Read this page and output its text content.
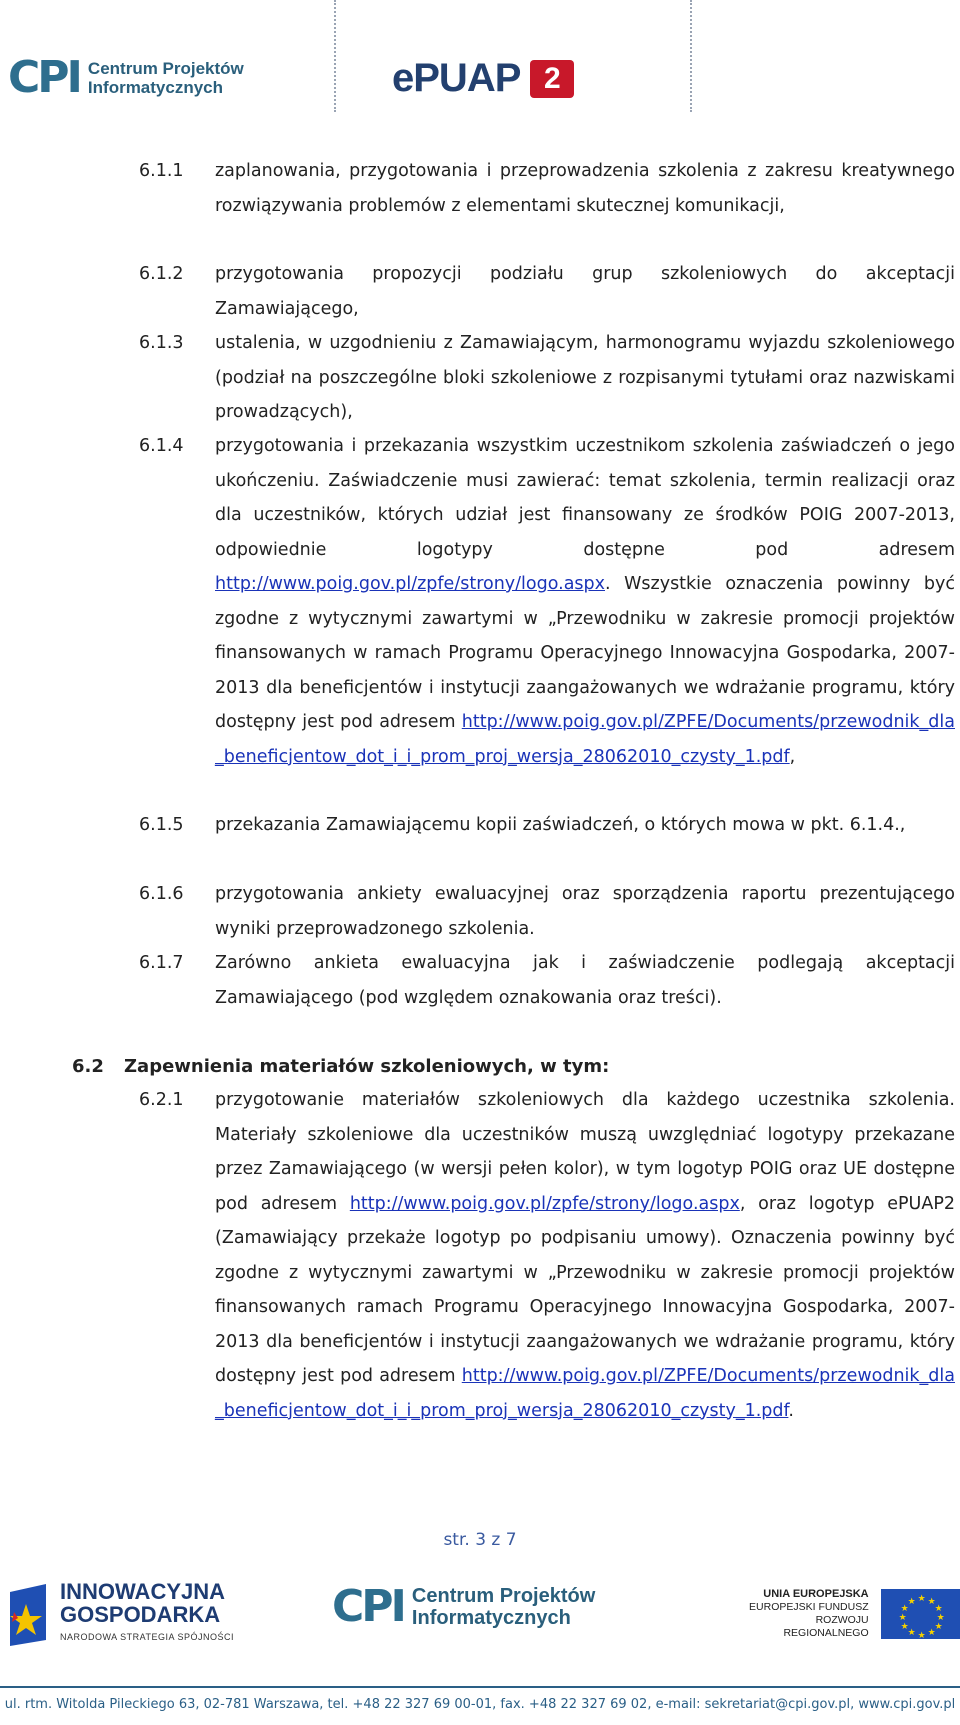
CPI Centrum Projektów
Informatycznych	ePUAP 2
6.1.1 zaplanowania, przygotowania i przeprowadzenia szkolenia z zakresu kreatywnego rozwiązywania problemów z elementami skutecznej komunikacji,
6.1.2 przygotowania propozycji podziału grup szkoleniowych do akceptacji Zamawiającego,
6.1.3 ustalenia, w uzgodnieniu z Zamawiającym, harmonogramu wyjazdu szkoleniowego (podział na poszczególne bloki szkoleniowe z rozpisanymi tytułami oraz nazwiskami prowadzących),
6.1.4 przygotowania i przekazania wszystkim uczestnikom szkolenia zaświadczeń o jego ukończeniu. Zaświadczenie musi zawierać: temat szkolenia, termin realizacji oraz dla uczestników, których udział jest finansowany ze środków POIG 2007-2013, odpowiednie logotypy dostępne pod adresem http://www.poig.gov.pl/zpfe/strony/logo.aspx. Wszystkie oznaczenia powinny być zgodne z wytycznymi zawartymi w „Przewodniku w zakresie promocji projektów finansowanych w ramach Programu Operacyjnego Innowacyjna Gospodarka, 2007-2013 dla beneficjentów i instytucji zaangażowanych we wdrażanie programu, który dostępny jest pod adresem http://www.poig.gov.pl/ZPFE/Documents/przewodnik_dla_beneficjentow_dot_i_i_prom_proj_wersja_28062010_czysty_1.pdf,
6.1.5 przekazania Zamawiającemu kopii zaświadczeń, o których mowa w pkt. 6.1.4.,
6.1.6 przygotowania ankiety ewaluacyjnej oraz sporządzenia raportu prezentującego wyniki przeprowadzonego szkolenia.
6.1.7 Zarówno ankieta ewaluacyjna jak i zaświadczenie podlegają akceptacji Zamawiającego (pod względem oznakowania oraz treści).
6.2 Zapewnienia materiałów szkoleniowych, w tym:
6.2.1 przygotowanie materiałów szkoleniowych dla każdego uczestnika szkolenia. Materiały szkoleniowe dla uczestników muszą uwzględniać logotypy przekazane przez Zamawiającego (w wersji pełen kolor), w tym logotyp POIG oraz UE dostępne pod adresem http://www.poig.gov.pl/zpfe/strony/logo.aspx, oraz logotyp ePUAP2 (Zamawiający przekaże logotyp po podpisaniu umowy). Oznaczenia powinny być zgodne z wytycznymi zawartymi w „Przewodniku w zakresie promocji projektów finansowanych ramach Programu Operacyjnego Innowacyjna Gospodarka, 2007-2013 dla beneficjentów i instytucji zaangażowanych we wdrażanie programu, który dostępny jest pod adresem http://www.poig.gov.pl/ZPFE/Documents/przewodnik_dla_beneficjentow_dot_i_i_prom_proj_wersja_28062010_czysty_1.pdf.
str. 3 z 7
INNOWACYJNA
GOSPODARKA
NARODOWA STRATEGIA SPÓJNOŚCI
CPI Centrum Projektów
Informatycznych
UNIA EUROPEJSKA
EUROPEJSKI FUNDUSZ
ROZWOJU REGIONALNEGO
★ ★
★
★
★
★
★
★
★
★
★
★
ul. rtm. Witolda Pileckiego 63, 02-781 Warszawa, tel. +48 22 327 69 00-01, fax. +48 22 327 69 02, e-mail: sekretariat@cpi.gov.pl, www.cpi.gov.pl
